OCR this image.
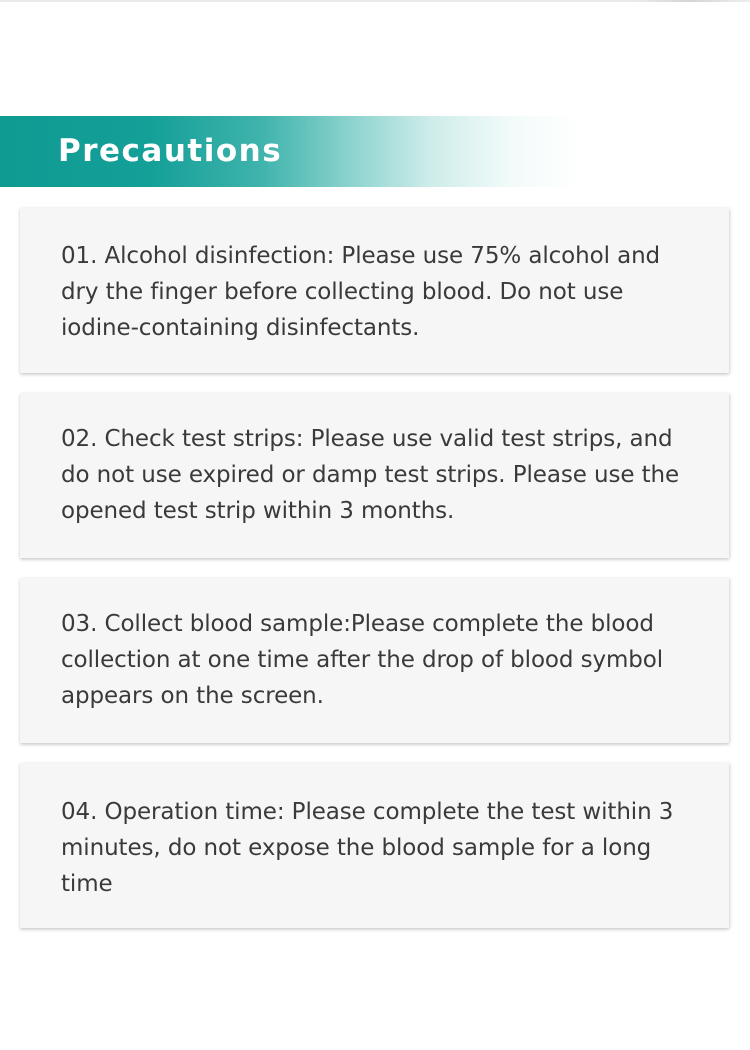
Precautions

01. Alcohol disinfection: Please use 75% alcohol and dry the finger before collecting blood. Do not use iodine-containing disinfectants.

02. Check test strips: Please use valid test strips, and do not use expired or damp test strips. Please use the opened test strip within 3 months.

03. Collect blood sample:Please complete the blood collection at one time after the drop of blood symbol appears on the screen.

04. Operation time: Please complete the test within 3 minutes, do not expose the blood sample for a long time
